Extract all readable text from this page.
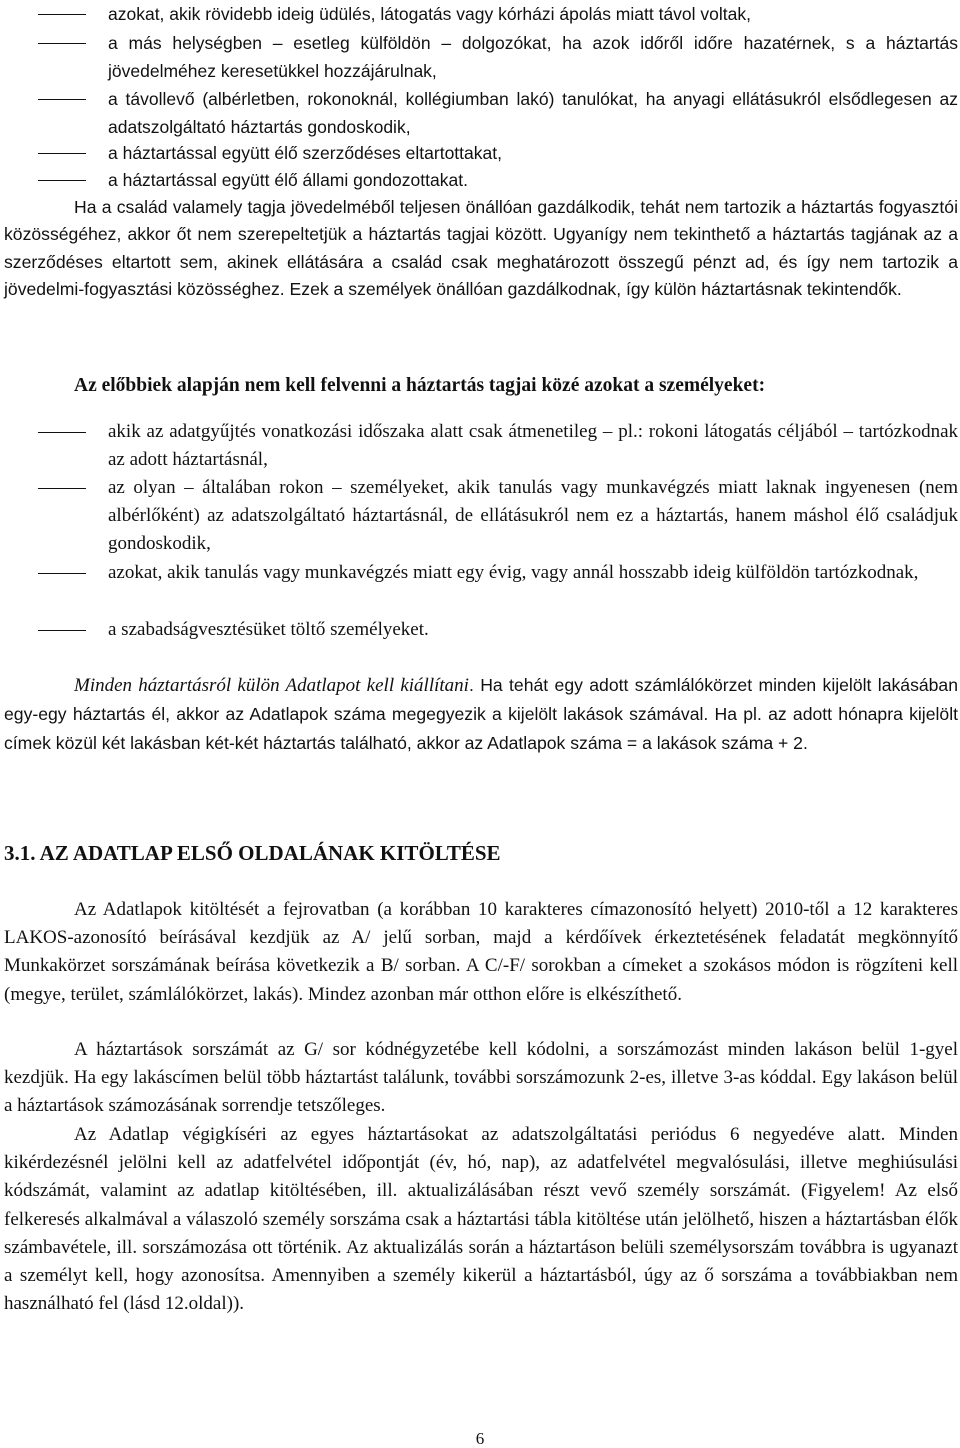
azokat, akik rövidebb ideig üdülés, látogatás vagy kórházi ápolás miatt távol voltak,
a más helységben – esetleg külföldön – dolgozókat, ha azok időről időre hazatérnek, s a háztartás jövedelméhez keresetükkel hozzájárulnak,
a távollevő (albérletben, rokonoknál, kollégiumban lakó) tanulókat, ha anyagi ellátásukról elsődlegesen az adatszolgáltató háztartás gondoskodik,
a háztartással együtt élő szerződéses eltartottakat,
a háztartással együtt élő állami gondozottakat.
Ha a család valamely tagja jövedelméből teljesen önállóan gazdálkodik, tehát nem tartozik a háztartás fogyasztói közösségéhez, akkor őt nem szerepeltetjük a háztartás tagjai között. Ugyanígy nem tekinthető a háztartás tagjának az a szerződéses eltartott sem, akinek ellátására a család csak meghatározott összegű pénzt ad, és így nem tartozik a jövedelmi-fogyasztási közösséghez. Ezek a személyek önállóan gazdálkodnak, így külön háztartásnak tekintendők.
Az előbbiek alapján nem kell felvenni a háztartás tagjai közé azokat a személyeket:
akik az adatgyűjtés vonatkozási időszaka alatt csak átmenetileg – pl.: rokoni látogatás céljából – tartózkodnak az adott háztartásnál,
az olyan – általában rokon – személyeket, akik tanulás vagy munkavégzés miatt laknak ingyenesen (nem albérlőként) az adatszolgáltató háztartásnál, de ellátásukról nem ez a háztartás, hanem máshol élő családjuk gondoskodik,
azokat, akik tanulás vagy munkavégzés miatt egy évig, vagy annál hosszabb ideig külföldön tartózkodnak,
a szabadságvesztésüket töltő személyeket.
Minden háztartásról külön Adatlapot kell kiállítani. Ha tehát egy adott számlálókörzet minden kijelölt lakásában egy-egy háztartás él, akkor az Adatlapok száma megegyezik a kijelölt lakások számával. Ha pl. az adott hónapra kijelölt címek közül két lakásban két-két háztartás található, akkor az Adatlapok száma = a lakások száma + 2.
3.1. AZ ADATLAP ELSŐ OLDALÁNAK KITÖLTÉSE
Az Adatlapok kitöltését a fejrovatban (a korábban 10 karakteres címazonosító helyett) 2010-től a 12 karakteres LAKOS-azonosító beírásával kezdjük az A/ jelű sorban, majd a kérdőívek érkeztetésének feladatát megkönnyítő Munkakörzet sorszámának beírása következik a B/ sorban. A C/-F/ sorokban a címeket a szokásos módon is rögzíteni kell (megye, terület, számlálókörzet, lakás). Mindez azonban már otthon előre is elkészíthető.
A háztartások sorszámát az G/ sor kódnégyzetébe kell kódolni, a sorszámozást minden lakáson belül 1-gyel kezdjük. Ha egy lakáscímen belül több háztartást találunk, további sorszámozunk 2-es, illetve 3-as kóddal. Egy lakáson belül a háztartások számozásának sorrendje tetszőleges.
Az Adatlap végigkíséri az egyes háztartásokat az adatszolgáltatási periódus 6 negyedéve alatt. Minden kikérdezésnél jelölni kell az adatfelvétel időpontját (év, hó, nap), az adatfelvétel megvalósulási, illetve meghiúsulási kódszámát, valamint az adatlap kitöltésében, ill. aktualizálásában részt vevő személy sorszámát. (Figyelem! Az első felkeresés alkalmával a válaszoló személy sorszáma csak a háztartási tábla kitöltése után jelölhető, hiszen a háztartásban élők számbavétele, ill. sorszámozása ott történik. Az aktualizálás során a háztartáson belüli személysorszám továbbra is ugyanazt a személyt kell, hogy azonosítsa. Amennyiben a személy kikerül a háztartásból, úgy az ő sorszáma a továbbiakban nem használható fel (lásd 12.oldal)).
6
